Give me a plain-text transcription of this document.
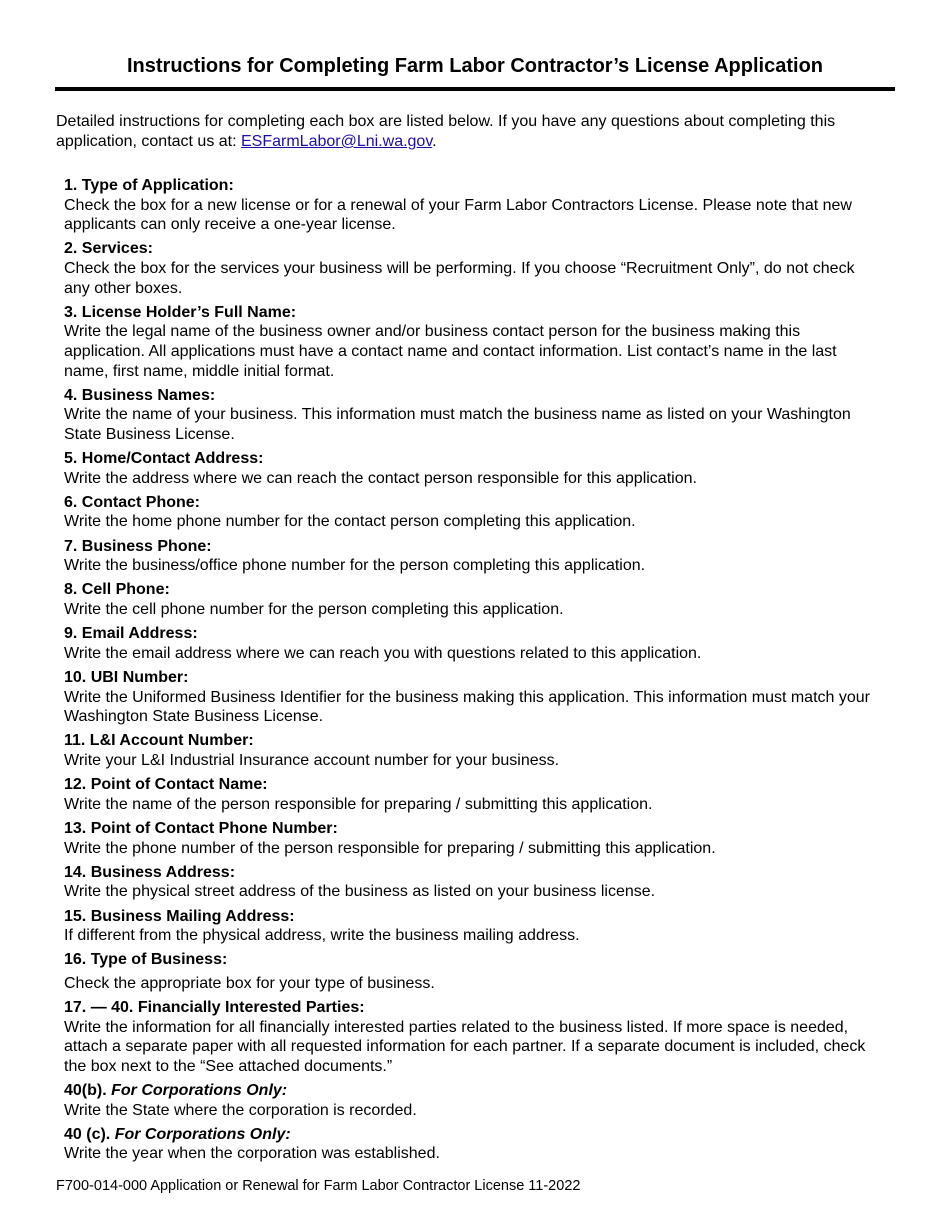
Instructions for Completing Farm Labor Contractor’s License Application
Detailed instructions for completing each box are listed below. If you have any questions about completing this application, contact us at: ESFarmLabor@Lni.wa.gov.
1. Type of Application:
Check the box for a new license or for a renewal of your Farm Labor Contractors License. Please note that new applicants can only receive a one-year license.
2. Services:
Check the box for the services your business will be performing. If you choose “Recruitment Only”, do not check any other boxes.
3. License Holder’s Full Name:
Write the legal name of the business owner and/or business contact person for the business making this application. All applications must have a contact name and contact information. List contact’s name in the last name, first name, middle initial format.
4. Business Names:
Write the name of your business. This information must match the business name as listed on your Washington State Business License.
5. Home/Contact Address:
Write the address where we can reach the contact person responsible for this application.
6. Contact Phone:
Write the home phone number for the contact person completing this application.
7. Business Phone:
Write the business/office phone number for the person completing this application.
8. Cell Phone:
Write the cell phone number for the person completing this application.
9. Email Address:
Write the email address where we can reach you with questions related to this application.
10. UBI Number:
Write the Uniformed Business Identifier for the business making this application. This information must match your Washington State Business License.
11. L&I Account Number:
Write your L&I Industrial Insurance account number for your business.
12. Point of Contact Name:
Write the name of the person responsible for preparing / submitting this application.
13. Point of Contact Phone Number:
Write the phone number of the person responsible for preparing / submitting this application.
14. Business Address:
Write the physical street address of the business as listed on your business license.
15. Business Mailing Address:
If different from the physical address, write the business mailing address.
16. Type of Business:
Check the appropriate box for your type of business.
17. — 40. Financially Interested Parties:
Write the information for all financially interested parties related to the business listed. If more space is needed, attach a separate paper with all requested information for each partner. If a separate document is included, check the box next to the “See attached documents.”
40(b). For Corporations Only:
Write the State where the corporation is recorded.
40 (c). For Corporations Only:
Write the year when the corporation was established.
F700-014-000 Application or Renewal for Farm Labor Contractor License 11-2022
